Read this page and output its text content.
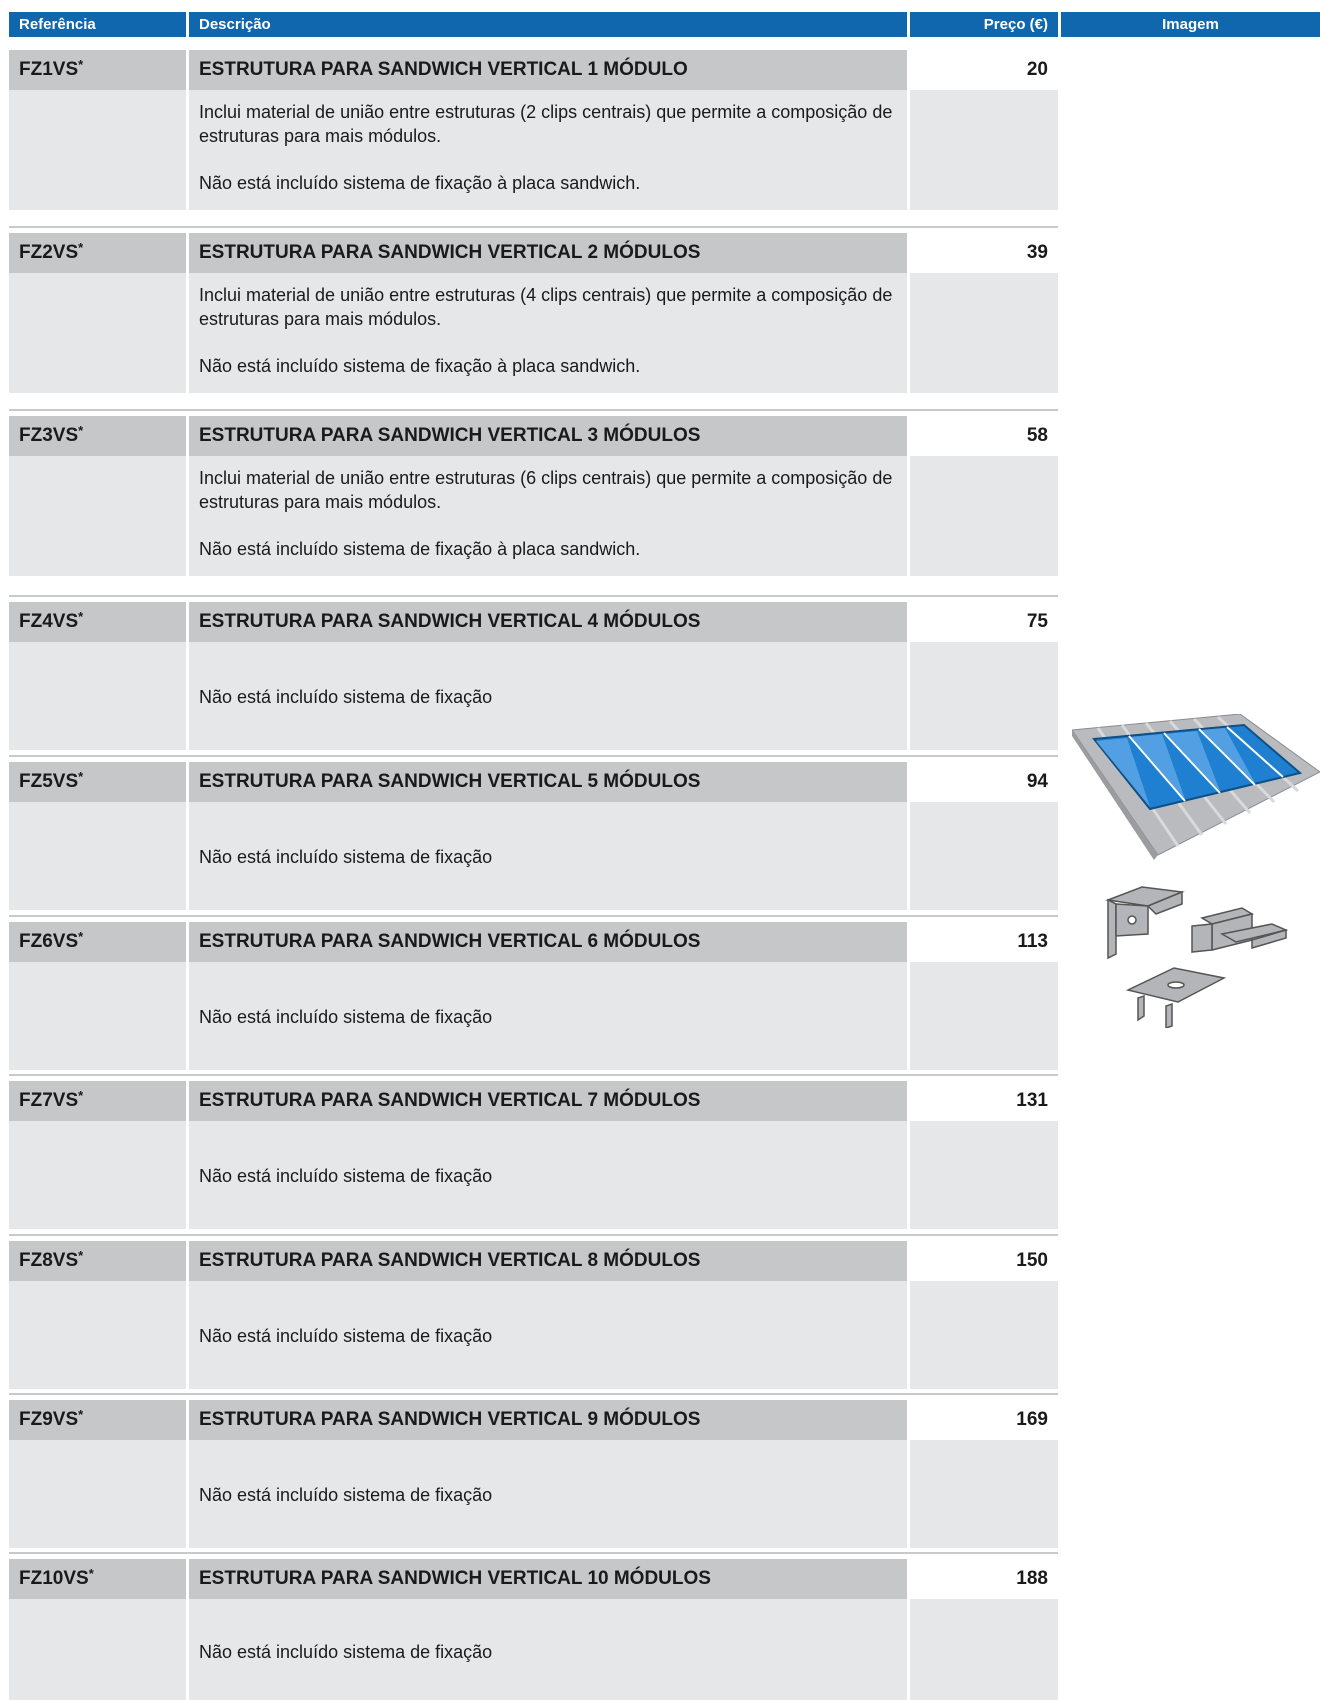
Referência	Descrição	Preço (€)	Imagem
FZ1VS*	ESTRUTURA PARA SANDWICH VERTICAL 1 MÓDULO	20

Inclui material de união entre estruturas (2 clips centrais) que permite a composição de estruturas para mais módulos.

Não está incluído sistema de fixação à placa sandwich.

FZ2VS*	ESTRUTURA PARA SANDWICH VERTICAL 2 MÓDULOS	39

Inclui material de união entre estruturas (4 clips centrais) que permite a composição de estruturas para mais módulos.

Não está incluído sistema de fixação à placa sandwich.

FZ3VS*	ESTRUTURA PARA SANDWICH VERTICAL 3 MÓDULOS	58

Inclui material de união entre estruturas (6 clips centrais) que permite a composição de estruturas para mais módulos.

Não está incluído sistema de fixação à placa sandwich.

FZ4VS*	ESTRUTURA PARA SANDWICH VERTICAL 4 MÓDULOS	75

Não está incluído sistema de fixação

FZ5VS*	ESTRUTURA PARA SANDWICH VERTICAL 5 MÓDULOS	94

Não está incluído sistema de fixação

FZ6VS*	ESTRUTURA PARA SANDWICH VERTICAL 6 MÓDULOS	113

Não está incluído sistema de fixação

FZ7VS*	ESTRUTURA PARA SANDWICH VERTICAL 7 MÓDULOS	131

Não está incluído sistema de fixação

FZ8VS*	ESTRUTURA PARA SANDWICH VERTICAL 8 MÓDULOS	150

Não está incluído sistema de fixação

FZ9VS*	ESTRUTURA PARA SANDWICH VERTICAL 9 MÓDULOS	169

Não está incluído sistema de fixação

FZ10VS*	ESTRUTURA PARA SANDWICH VERTICAL 10 MÓDULOS	188

Não está incluído sistema de fixação
